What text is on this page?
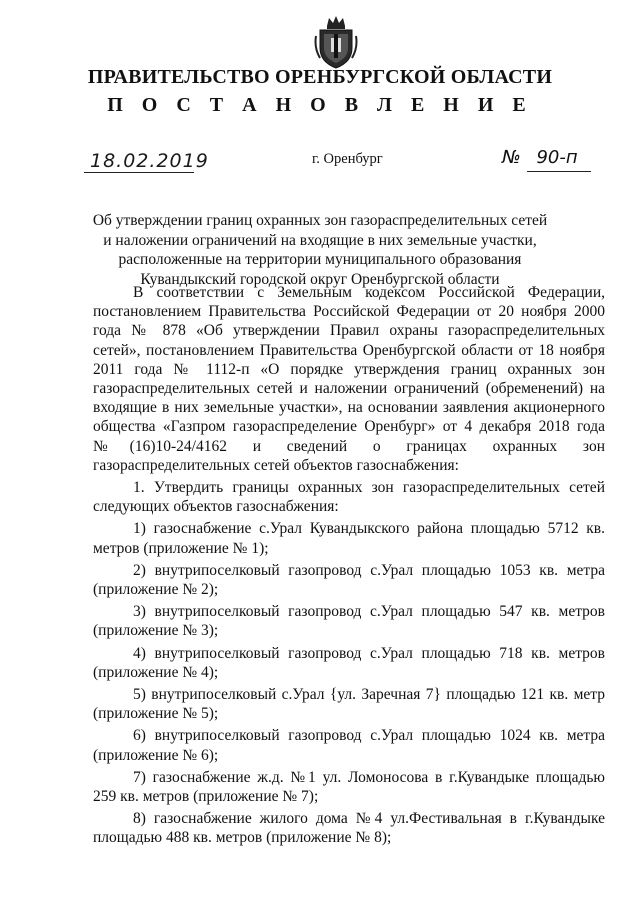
ПРАВИТЕЛЬСТВО ОРЕНБУРГСКОЙ ОБЛАСТИ
П О С Т А Н О В Л Е Н И Е
18.02.2019	г. Оренбург	№ 90-п
Об утверждении границ охранных зон газораспределительных сетей
и наложении ограничений на входящие в них земельные участки,
расположенные на территории муниципального образования
Кувандыкский городской округ Оренбургской области

В соответствии с Земельным кодексом Российской Федерации, постановлением Правительства Российской Федерации от 20 ноября 2000 года № 878 «Об утверждении Правил охраны газораспределительных сетей», постановлением Правительства Оренбургской области от 18 ноября 2011 года № 1112-п «О порядке утверждения границ охранных зон газораспределительных сетей и наложении ограничений (обременений) на входящие в них земельные участки», на основании заявления акционерного общества «Газпром газораспределение Оренбург» от 4 декабря 2018 года №(16)10-24/4162 и сведений о границах охранных зон газораспределительных сетей объектов газоснабжения:

1. Утвердить границы охранных зон газораспределительных сетей следующих объектов газоснабжения:

1) газоснабжение с.Урал Кувандыкского района площадью 5712 кв. метров (приложение № 1);

2) внутрипоселковый газопровод с.Урал площадью 1053 кв. метра (приложение № 2);

3) внутрипоселковый газопровод с.Урал площадью 547 кв. метров (приложение № 3);

4) внутрипоселковый газопровод с.Урал площадью 718 кв. метров (приложение № 4);

5) внутрипоселковый с.Урал {ул. Заречная 7} площадью 121 кв. метр (приложение № 5);

6) внутрипоселковый газопровод с.Урал площадью 1024 кв. метра (приложение № 6);

7) газоснабжение ж.д. №1 ул. Ломоносова в г.Кувандыке площадью 259 кв. метров (приложение № 7);

8) газоснабжение жилого дома №4 ул.Фестивальная в г.Кувандыке площадью 488 кв. метров (приложение № 8);
